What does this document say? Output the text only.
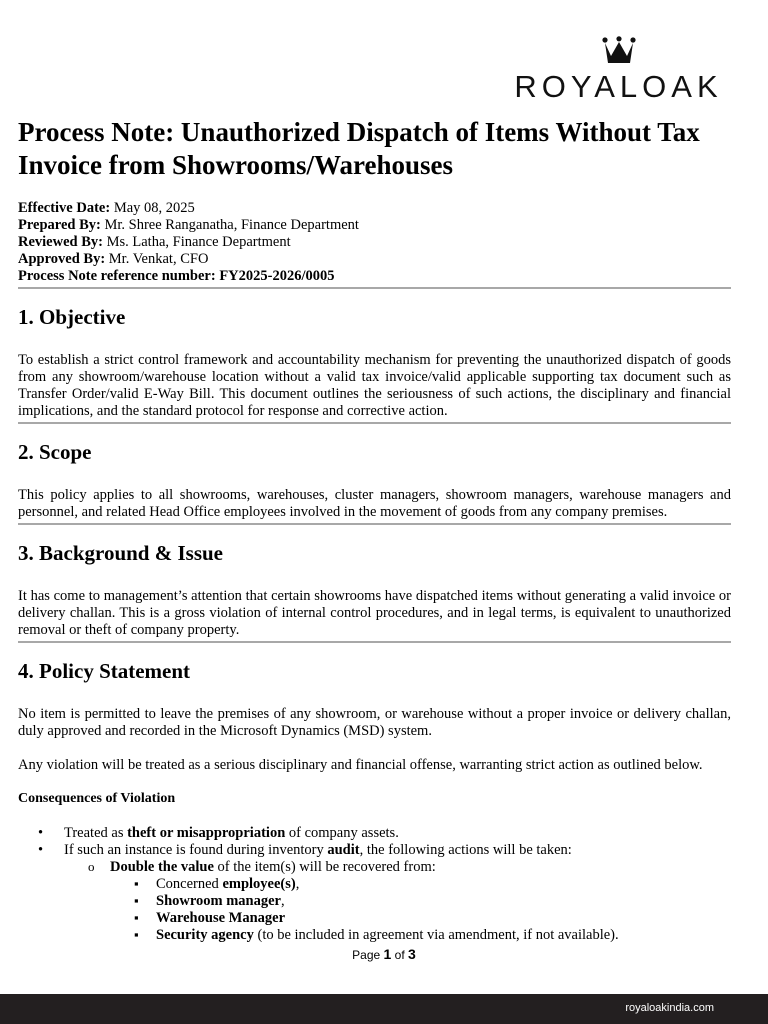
ROYALOAK
Process Note: Unauthorized Dispatch of Items Without Tax Invoice from Showrooms/Warehouses
Effective Date: May 08, 2025
Prepared By: Mr. Shree Ranganatha, Finance Department
Reviewed By: Ms. Latha, Finance Department
Approved By: Mr. Venkat, CFO
Process Note reference number: FY2025-2026/0005
1. Objective

To establish a strict control framework and accountability mechanism for preventing the unauthorized dispatch of goods from any showroom/warehouse location without a valid tax invoice/valid applicable supporting tax document such as Transfer Order/valid E-Way Bill. This document outlines the seriousness of such actions, the disciplinary and financial implications, and the standard protocol for response and corrective action.

2. Scope

This policy applies to all showrooms, warehouses, cluster managers, showroom managers, warehouse managers and personnel, and related Head Office employees involved in the movement of goods from any company premises.

3. Background & Issue

It has come to management’s attention that certain showrooms have dispatched items without generating a valid invoice or delivery challan. This is a gross violation of internal control procedures, and in legal terms, is equivalent to unauthorized removal or theft of company property.

4. Policy Statement

No item is permitted to leave the premises of any showroom, or warehouse without a proper invoice or delivery challan, duly approved and recorded in the Microsoft Dynamics (MSD) system.

Any violation will be treated as a serious disciplinary and financial offense, warranting strict action as outlined below.

Consequences of Violation
• Treated as theft or misappropriation of company assets.
• If such an instance is found during inventory audit, the following actions will be taken:
o Double the value of the item(s) will be recovered from:
▪ Concerned employee(s),
▪ Showroom manager,
▪ Warehouse Manager
▪ Security agency (to be included in agreement via amendment, if not available).
Page 1 of 3
royaloakindia.com
